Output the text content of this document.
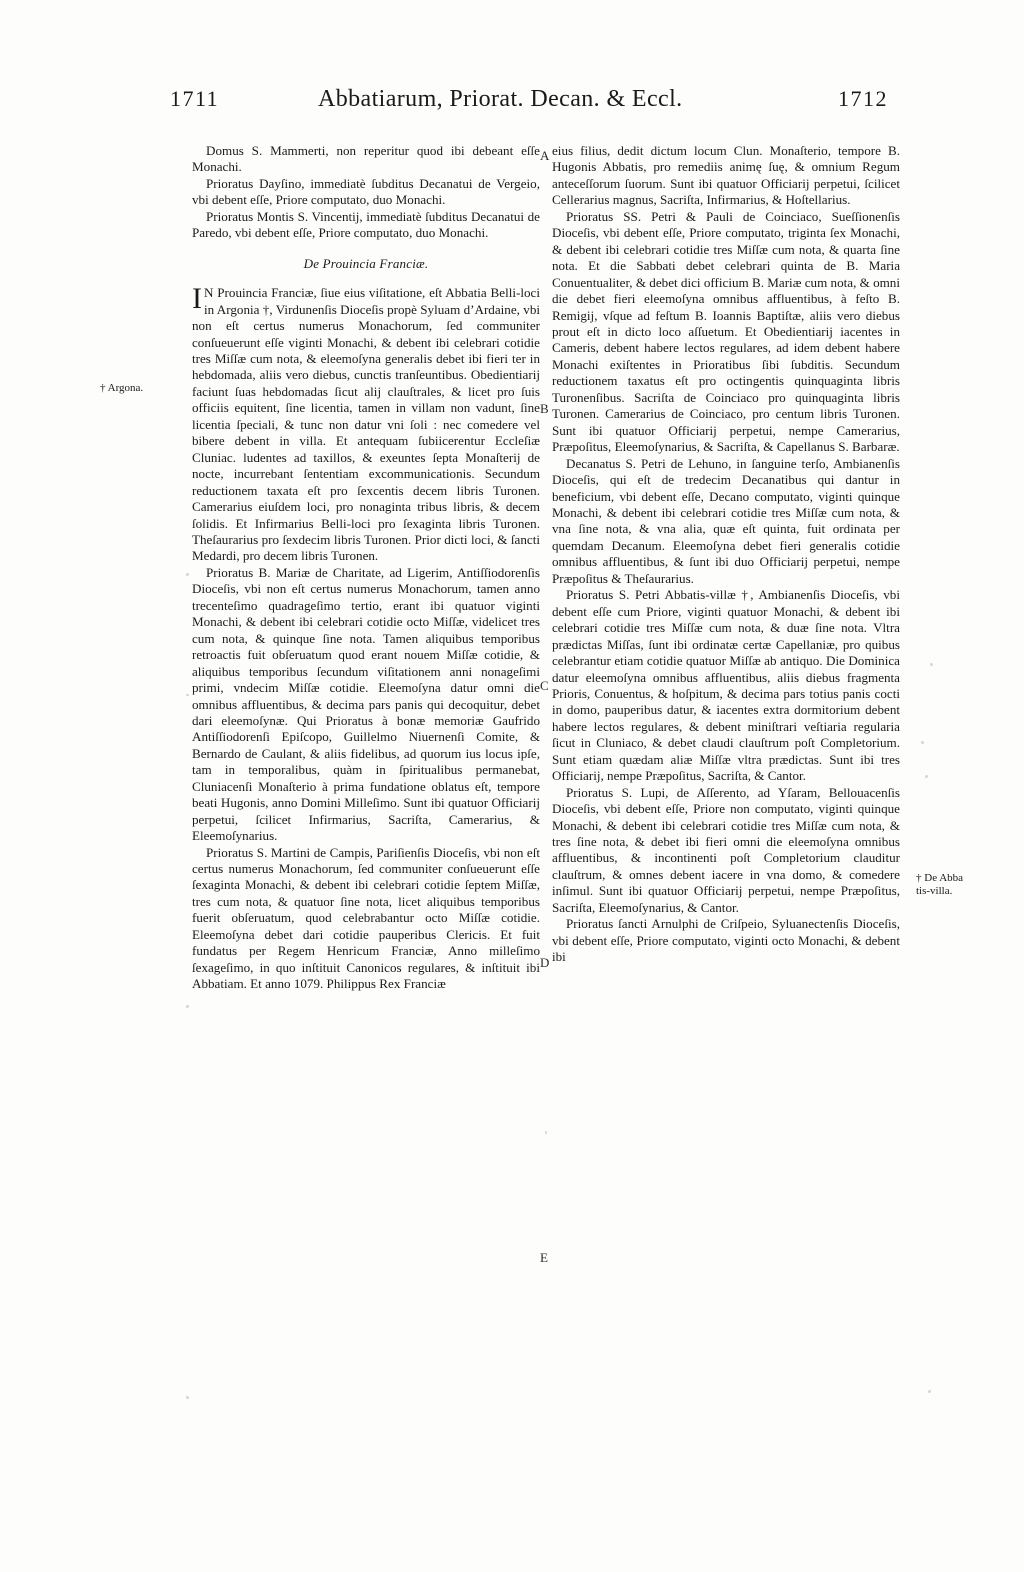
1711	Abbatiarum, Priorat. Decan. & Eccl.	1712
† Argona.
† De Abba
tis-villa.
A
B
C
D
E

Domus S. Mammerti, non reperitur quod ibi debeant eſſe Monachi.

Prioratus Dayſino, immediatè ſubditus Decanatui de Vergeio, vbi debent eſſe, Priore computato, duo Monachi.

Prioratus Montis S. Vincentij, immediatè ſubditus Decanatui de Paredo, vbi debent eſſe, Priore computato, duo Monachi.

De Prouincia Franciæ.

IN Prouincia Franciæ, ſiue eius viſitatione, eſt Abbatia Belli-loci in Argonia †, Virdunenſis Dioceſis propè Syluam d’Ardaine, vbi non eſt certus numerus Monachorum, ſed communiter conſueuerunt eſſe viginti Monachi, & debent ibi celebrari cotidie tres Miſſæ cum nota, & eleemoſyna generalis debet ibi fieri ter in hebdomada, aliis vero diebus, cunctis tranſeuntibus. Obedientiarij faciunt ſuas hebdomadas ſicut alij clauſtrales, & licet pro ſuis officiis equitent, ſine licentia, tamen in villam non vadunt, ſine licentia ſpeciali, & tunc non datur vni ſoli : nec comedere vel bibere debent in villa. Et antequam ſubiicerentur Eccleſiæ Cluniac. ludentes ad taxillos, & exeuntes ſepta Monaſterij de nocte, incurrebant ſententiam excommunicationis. Secundum reductionem taxata eſt pro ſexcentis decem libris Turonen. Camerarius eiuſdem loci, pro nonaginta tribus libris, & decem ſolidis. Et Infirmarius Belli-loci pro ſexaginta libris Turonen. Theſaurarius pro ſexdecim libris Turonen. Prior dicti loci, & ſancti Medardi, pro decem libris Turonen.

Prioratus B. Mariæ de Charitate, ad Ligerim, Antiſſiodorenſis Dioceſis, vbi non eſt certus numerus Monachorum, tamen anno trecenteſimo quadrageſimo tertio, erant ibi quatuor viginti Monachi, & debent ibi celebrari cotidie octo Miſſæ, videlicet tres cum nota, & quinque ſine nota. Tamen aliquibus temporibus retroactis fuit obſeruatum quod erant nouem Miſſæ cotidie, & aliquibus temporibus ſecundum viſitationem anni nonageſimi primi, vndecim Miſſæ cotidie. Eleemoſyna datur omni die omnibus affluentibus, & decima pars panis qui decoquitur, debet dari eleemoſynæ. Qui Prioratus à bonæ memoriæ Gaufrido Antiſſiodorenſi Epiſcopo, Guillelmo Niuernenſi Comite, & Bernardo de Caulant, & aliis fidelibus, ad quorum ius locus ipſe, tam in temporalibus, quàm in ſpiritualibus permanebat, Cluniacenſi Monaſterio à prima fundatione oblatus eſt, tempore beati Hugonis, anno Domini Milleſimo. Sunt ibi quatuor Officiarij perpetui, ſcilicet Infirmarius, Sacriſta, Camerarius, & Eleemoſynarius.

Prioratus S. Martini de Campis, Pariſienſis Dioceſis, vbi non eſt certus numerus Monachorum, ſed communiter conſueuerunt eſſe ſexaginta Monachi, & debent ibi celebrari cotidie ſeptem Miſſæ, tres cum nota, & quatuor ſine nota, licet aliquibus temporibus fuerit obſeruatum, quod celebrabantur octo Miſſæ cotidie. Eleemoſyna debet dari cotidie pauperibus Clericis. Et fuit fundatus per Regem Henricum Franciæ, Anno milleſimo ſexageſimo, in quo inſtituit Canonicos regulares, & inſtituit ibi Abbatiam. Et anno 1079. Philippus Rex Franciæ

eius filius, dedit dictum locum Clun. Monaſterio, tempore B. Hugonis Abbatis, pro remediis animę ſuę, & omnium Regum anteceſſorum ſuorum. Sunt ibi quatuor Officiarij perpetui, ſcilicet Cellerarius magnus, Sacriſta, Infirmarius, & Hoſtellarius.

Prioratus SS. Petri & Pauli de Coinciaco, Sueſſionenſis Dioceſis, vbi debent eſſe, Priore computato, triginta ſex Monachi, & debent ibi celebrari cotidie tres Miſſæ cum nota, & quarta ſine nota. Et die Sabbati debet celebrari quinta de B. Maria Conuentualiter, & debet dici officium B. Mariæ cum nota, & omni die debet fieri eleemoſyna omnibus affluentibus, à feſto B. Remigij, vſque ad feſtum B. Ioannis Baptiſtæ, aliis vero diebus prout eſt in dicto loco aſſuetum. Et Obedientiarij iacentes in Cameris, debent habere lectos regulares, ad idem debent habere Monachi exiſtentes in Prioratibus ſibi ſubditis. Secundum reductionem taxatus eſt pro octingentis quinquaginta libris Turonenſibus. Sacriſta de Coinciaco pro quinquaginta libris Turonen. Camerarius de Coinciaco, pro centum libris Turonen. Sunt ibi quatuor Officiarij perpetui, nempe Camerarius, Præpoſitus, Eleemoſynarius, & Sacriſta, & Capellanus S. Barbaræ.

Decanatus S. Petri de Lehuno, in ſanguine terſo, Ambianenſis Dioceſis, qui eſt de tredecim Decanatibus qui dantur in beneficium, vbi debent eſſe, Decano computato, viginti quinque Monachi, & debent ibi celebrari cotidie tres Miſſæ cum nota, & vna ſine nota, & vna alia, quæ eſt quinta, fuit ordinata per quemdam Decanum. Eleemoſyna debet fieri generalis cotidie omnibus affluentibus, & ſunt ibi duo Officiarij perpetui, nempe Præpoſitus & Theſaurarius.

Prioratus S. Petri Abbatis-villæ †, Ambianenſis Dioceſis, vbi debent eſſe cum Priore, viginti quatuor Monachi, & debent ibi celebrari cotidie tres Miſſæ cum nota, & duæ ſine nota. Vltra prædictas Miſſas, ſunt ibi ordinatæ certæ Capellaniæ, pro quibus celebrantur etiam cotidie quatuor Miſſæ ab antiquo. Die Dominica datur eleemoſyna omnibus affluentibus, aliis diebus fragmenta Prioris, Conuentus, & hoſpitum, & decima pars totius panis cocti in domo, pauperibus datur, & iacentes extra dormitorium debent habere lectos regulares, & debent miniſtrari veſtiaria regularia ſicut in Cluniaco, & debet claudi clauſtrum poſt Completorium. Sunt etiam quædam aliæ Miſſæ vltra prædictas. Sunt ibi tres Officiarij, nempe Præpoſitus, Sacriſta, & Cantor.

Prioratus S. Lupi, de Aſſerento, ad Yſaram, Bellouacenſis Dioceſis, vbi debent eſſe, Priore non computato, viginti quinque Monachi, & debent ibi celebrari cotidie tres Miſſæ cum nota, & tres ſine nota, & debet ibi fieri omni die eleemoſyna omnibus affluentibus, & incontinenti poſt Completorium clauditur clauſtrum, & omnes debent iacere in vna domo, & comedere inſimul. Sunt ibi quatuor Officiarij perpetui, nempe Præpoſitus, Sacriſta, Eleemoſynarius, & Cantor.

Prioratus ſancti Arnulphi de Criſpeio, Syluanectenſis Dioceſis, vbi debent eſſe, Priore computato, viginti octo Monachi, & debent ibi
